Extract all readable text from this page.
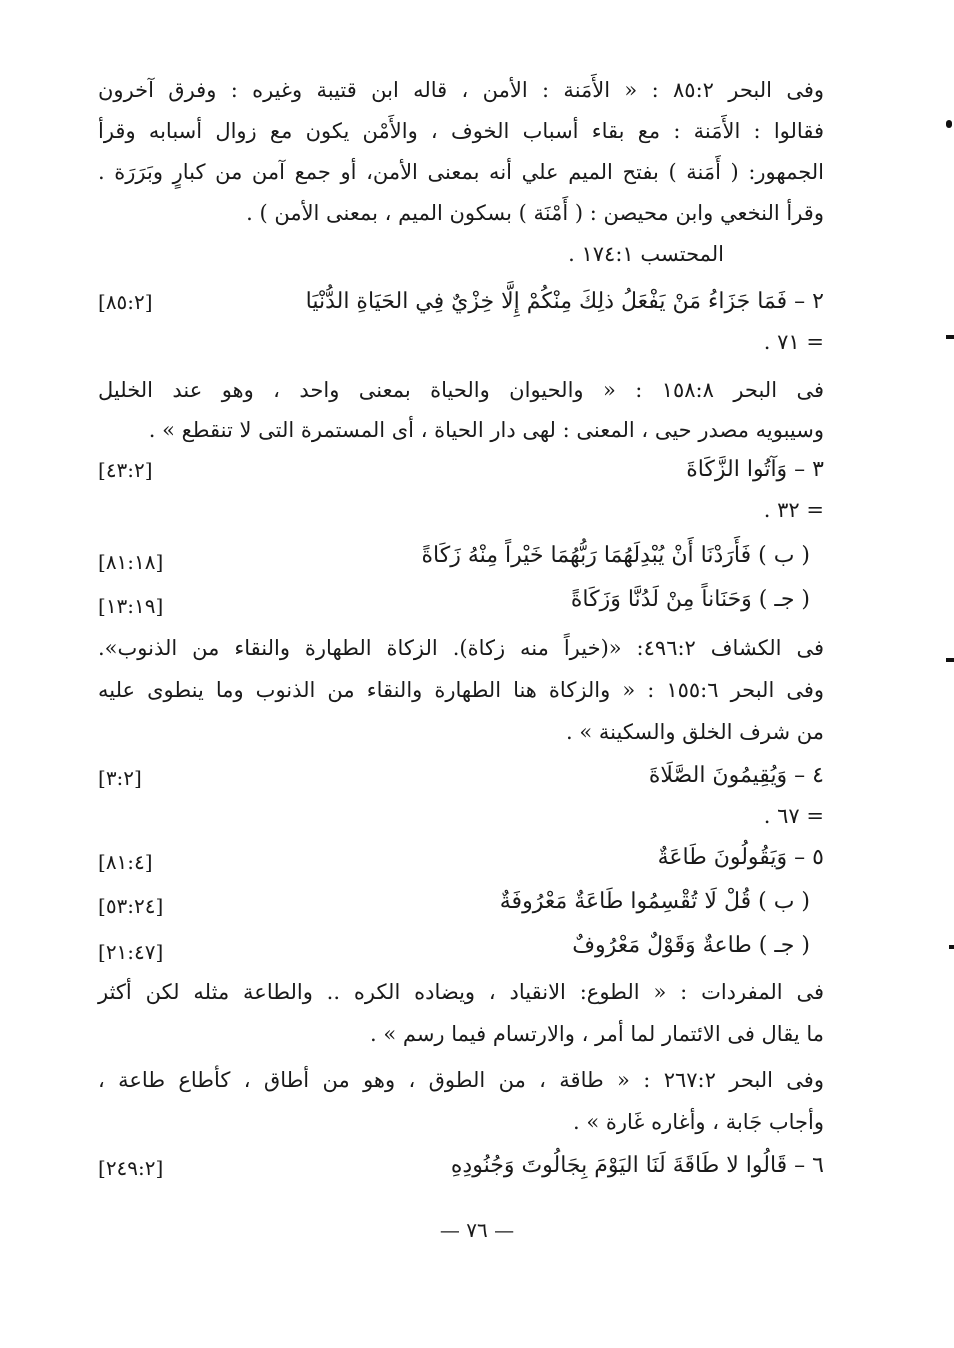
وفى البحر ٨٥:٢ : « الأَمَنة : الأمن ، قاله ابن قتيبة وغيره : وفرق آخرون
فقالوا : الأَمَنة : مع بقاء أسباب الخوف ، والأَمْن يكون مع زوال أسبابه وقرأ
الجمهور: ( أَمَنة ) بفتح الميم علي أنه بمعنى الأمن، أو جمع آمن من كبارٍ وبَرَرَة .
وقرأ النخعي وابن محيصن : ( أَمْنَة ) بسكون الميم ، بمعنى الأمن ) .
المحتسب ١٧٤:١ .
٢ – فَمَا جَزَاءُ مَنْ يَفْعَلُ ذلِكَ مِنْكُمْ إِلَّا خِزْيٌ فِي الحَيَاةِ الدُّنْيَا
[٨٥:٢]
= ٧١ .
فى البحر ١٥٨:٨ : « والحيوان والحياة بمعنى واحد ، وهو عند الخليل
وسيبويه مصدر حيى ، المعنى : لهى دار الحياة ، أى المستمرة التى لا تنقطع » .
٣ – وَآتُوا الزَّكَاةَ
[٤٣:٢]
= ٣٢ .
( ب ) فَأَرَدْنَا أَنْ يُبْدِلَهُمَا رَبُّهُمَا خَيْراً مِنْهُ زَكَاةً
[٨١:١٨]
( جـ ) وَحَنَاناً مِنْ لَدُنَّا وَزَكَاةً
[١٣:١٩]
فى الكشاف ٤٩٦:٢: «(خيراً منه زكاة). الزكاة الطهارة والنقاء من الذنوب».
وفى البحر ١٥٥:٦ : « والزكاة هنا الطهارة والنقاء من الذنوب وما ينطوى عليه
من شرف الخلق والسكينة » .
٤ – وَيُقِيمُونَ الصَّلَاةَ
[٣:٢]
= ٦٧ .
٥ – وَيَقُولُونَ طَاعَةٌ
[٨١:٤]
( ب ) قُلْ لَا تُقْسِمُوا طَاعَةٌ مَعْرُوفَةٌ
[٥٣:٢٤]
( جـ ) طاعةٌ وَقَوْلٌ مَعْرُوفٌ
[٢١:٤٧]
فى المفردات : « الطوع: الانقياد ، ويضاده الكره .. والطاعة مثله لكن أكثر
ما يقال فى الائتمار لما أمر ، والارتسام فيما رسم » .
وفى البحر ٢٦٧:٢ : « طاقة ، من الطوق ، وهو من أطاق ، كأطاع طاعة ،
وأجاب جَابة ، وأغاره غَارة » .
٦ – قَالُوا لا طَاقَةَ لَنَا اليَوْمَ بِجَالُوتَ وَجُنُودِهِ
[٢٤٩:٢]
— ٧٦ —
